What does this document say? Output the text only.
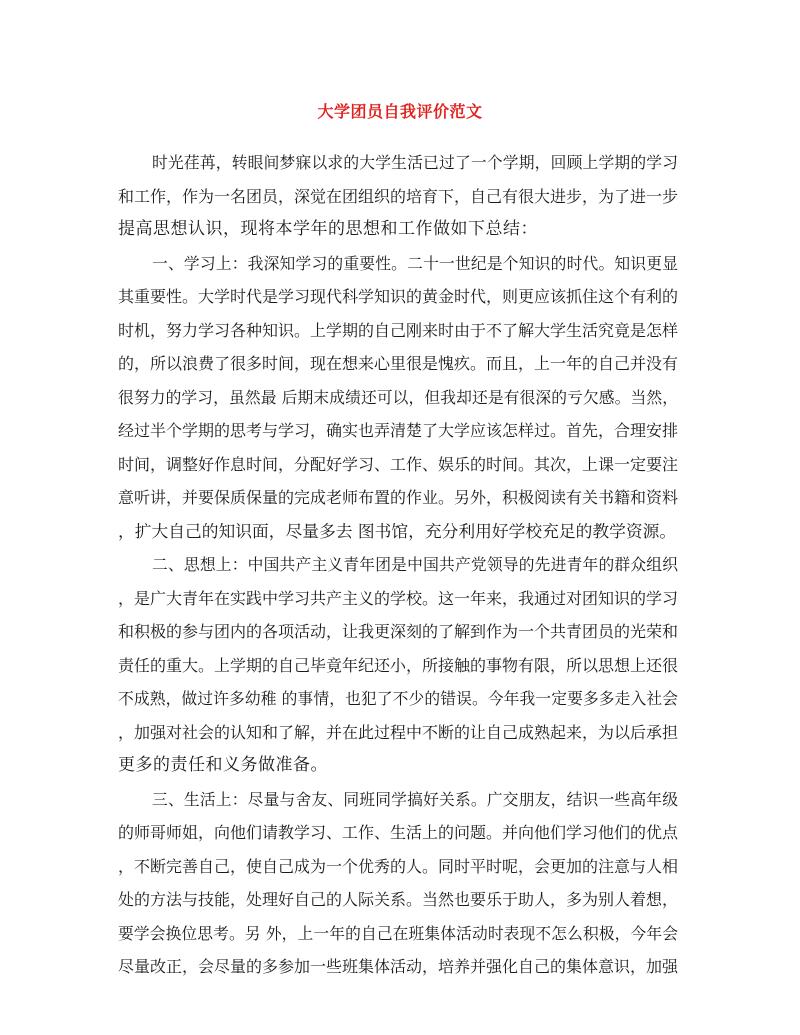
大学团员自我评价范文
时光荏苒，转眼间梦寐以求的大学生活已过了一个学期，回顾上学期的学习
和工作，作为一名团员，深觉在团组织的培育下，自己有很大进步，为了进一步
提高思想认识，现将本学年的思想和工作做如下总结：
一、学习上：我深知学习的重要性。二十一世纪是个知识的时代。知识更显
其重要性。大学时代是学习现代科学知识的黄金时代，则更应该抓住这个有利的
时机，努力学习各种知识。上学期的自己刚来时由于不了解大学生活究竟是怎样
的，所以浪费了很多时间，现在想来心里很是愧疚。而且，上一年的自己并没有
很努力的学习，虽然最 后期末成绩还可以，但我却还是有很深的亏欠感。当然，
经过半个学期的思考与学习，确实也弄清楚了大学应该怎样过。首先，合理安排
时间，调整好作息时间，分配好学习、工作、娱乐的时间。其次，上课一定要注
意听讲，并要保质保量的完成老师布置的作业。另外，积极阅读有关书籍和资料
，扩大自己的知识面，尽量多去 图书馆，充分利用好学校充足的教学资源。
二、思想上：中国共产主义青年团是中国共产党领导的先进青年的群众组织
，是广大青年在实践中学习共产主义的学校。这一年来，我通过对团知识的学习
和积极的参与团内的各项活动，让我更深刻的了解到作为一个共青团员的光荣和
责任的重大。上学期的自己毕竟年纪还小，所接触的事物有限，所以思想上还很
不成熟，做过许多幼稚 的事情，也犯了不少的错误。今年我一定要多多走入社会
，加强对社会的认知和了解，并在此过程中不断的让自己成熟起来，为以后承担
更多的责任和义务做准备。
三、生活上：尽量与舍友、同班同学搞好关系。广交朋友，结识一些高年级
的师哥师姐，向他们请教学习、工作、生活上的问题。并向他们学习他们的优点
，不断完善自己，使自己成为一个优秀的人。同时平时呢，会更加的注意与人相
处的方法与技能，处理好自己的人际关系。当然也要乐于助人，多为别人着想，
要学会换位思考。另 外，上一年的自己在班集体活动时表现不怎么积极，今年会
尽量改正，会尽量的多参加一些班集体活动，培养并强化自己的集体意识，加强
